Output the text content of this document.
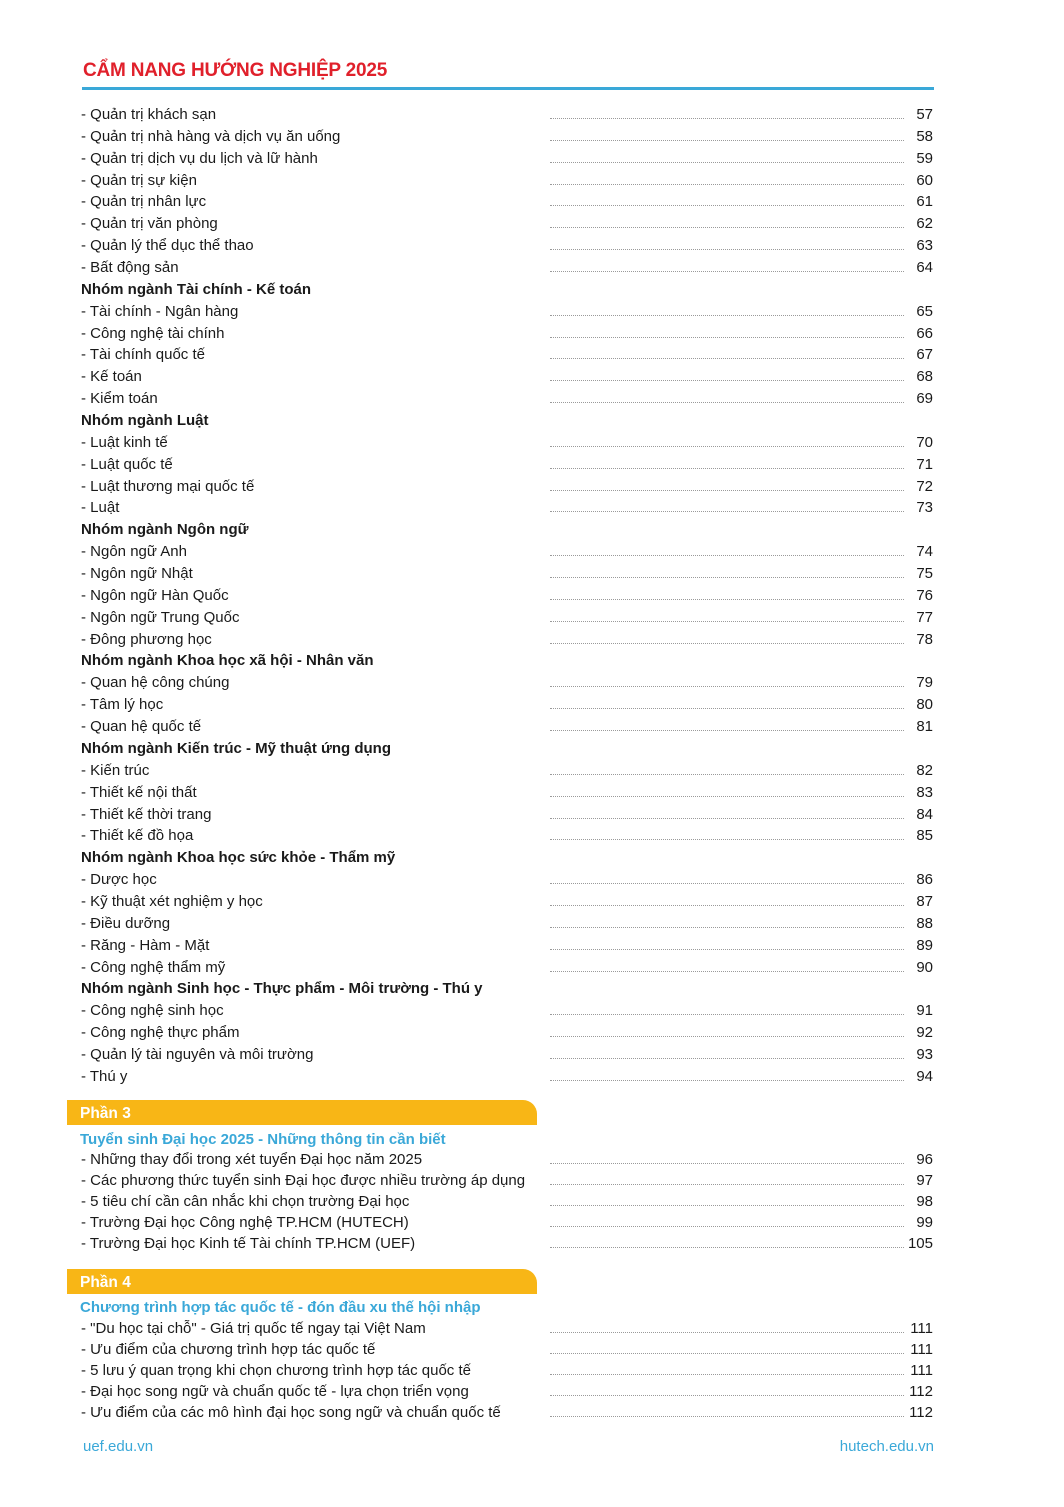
CẨM NANG HƯỚNG NGHIỆP 2025
- Quản trị khách sạn	57
- Quản trị nhà hàng và dịch vụ ăn uống	58
- Quản trị dịch vụ du lịch và lữ hành	59
- Quản trị sự kiện	60
- Quản trị nhân lực	61
- Quản trị văn phòng	62
- Quản lý thể dục thể thao	63
- Bất động sản	64
Nhóm ngành Tài chính - Kế toán
- Tài chính - Ngân hàng	65
- Công nghệ tài chính	66
- Tài chính quốc tế	67
- Kế toán	68
- Kiểm toán	69
Nhóm ngành Luật
- Luật kinh tế	70
- Luật quốc tế	71
- Luật thương mại quốc tế	72
- Luật	73
Nhóm ngành Ngôn ngữ
- Ngôn ngữ Anh	74
- Ngôn ngữ Nhật	75
- Ngôn ngữ Hàn Quốc	76
- Ngôn ngữ Trung Quốc	77
- Đông phương học	78
Nhóm ngành Khoa học xã hội - Nhân văn
- Quan hệ công chúng	79
- Tâm lý học	80
- Quan hệ quốc tế	81
Nhóm ngành Kiến trúc - Mỹ thuật ứng dụng
- Kiến trúc	82
- Thiết kế nội thất	83
- Thiết kế thời trang	84
- Thiết kế đồ họa	85
Nhóm ngành Khoa học sức khỏe - Thẩm mỹ
- Dược học	86
- Kỹ thuật xét nghiệm y học	87
- Điều dưỡng	88
- Răng - Hàm - Mặt	89
- Công nghệ thẩm mỹ	90
Nhóm ngành Sinh học - Thực phẩm - Môi trường - Thú y
- Công nghệ sinh học	91
- Công nghệ thực phẩm	92
- Quản lý tài nguyên và môi trường	93
- Thú y	94
Phần 3
Tuyển sinh Đại học 2025 - Những thông tin cần biết
- Những thay đổi trong xét tuyển Đại học năm 2025	96
- Các phương thức tuyển sinh Đại học được nhiều trường áp dụng	97
- 5 tiêu chí cần cân nhắc khi chọn trường Đại học	98
- Trường Đại học Công nghệ TP.HCM (HUTECH)	99
- Trường Đại học Kinh tế Tài chính TP.HCM (UEF)	105
Phần 4
Chương trình hợp tác quốc tế - đón đầu xu thế hội nhập
- "Du học tại chỗ" - Giá trị quốc tế ngay tại Việt Nam	111
- Ưu điểm của chương trình hợp tác quốc tế	111
- 5 lưu ý quan trọng khi chọn chương trình hợp tác quốc tế	111
- Đại học song ngữ và chuẩn quốc tế - lựa chọn triển vọng	112
- Ưu điểm của các mô hình đại học song ngữ và chuẩn quốc tế	112
uef.edu.vn	hutech.edu.vn
